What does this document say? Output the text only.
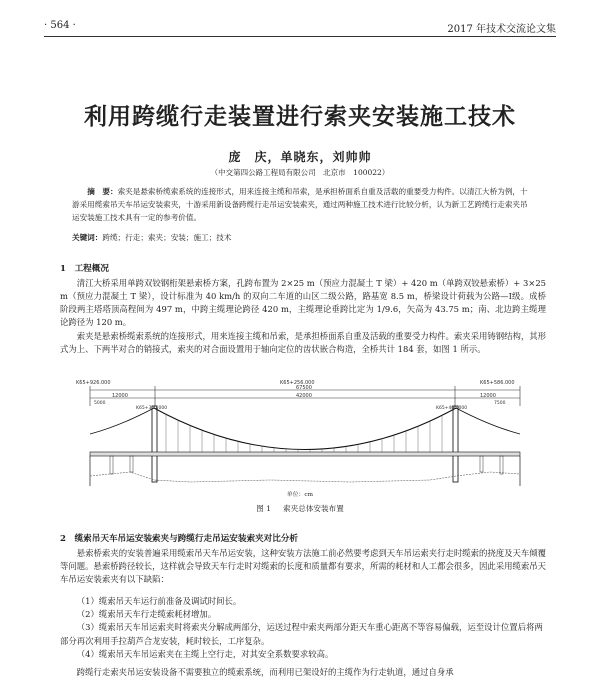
· 564 ·	2017 年技术交流论文集
利用跨缆行走装置进行索夹安装施工技术
庞　庆，单晓东，刘帅帅
（中交第四公路工程局有限公司　北京市　100022）
摘　要：索夹是悬索桥缆索系统的连接形式，用来连接主缆和吊索，是承担桥面系自重及活载的重要受力构件。以清江大桥为例，十游采用缆索吊天车吊运安装索夹，十游采用新设备跨缆行走吊运安装索夹，通过两种施工技术进行比较分析，认为新工艺跨缆行走索夹吊运安装施工技术具有一定的参考价值。
关键词：跨缆；行走；索夹；安装；施工；技术
1　工程概况
清江大桥采用单跨双铰钢桁架悬索桥方案，孔跨布置为 2×25 m（预应力混凝土 T 梁）+ 420 m（单跨双铰悬索桥）+ 3×25 m（预应力混凝土 T 梁），设计标准为 40 km/h 的双向二车道的山区二级公路，路基宽 8.5 m，桥梁设计荷载为公路—Ⅰ级。成桥阶段两主塔塔顶高程间为 497 m，中跨主缆理论跨径 420 m，主缆理论垂跨比定为 1/9.6，矢高为 43.75 m；南、北边跨主缆理论跨径为 120 m。
索夹是悬索桥缆索系统的连接形式，用来连接主缆和吊索，是承担桥面系自重及活载的重要受力构件。索夹采用铸钢结构，其形式为上、下两半对合的销接式，索夹的对合面设置用于轴向定位的齿状嵌合构造，全桥共计 184 套，如图 1 所示。
K65+926.000	K65+586.000
K65+256.000
K65+300.000	K65+466.000
67500
42000
12000	12000
5000	7500
单位：cm
图 1 索夹总体安装布置
2　缆索吊天车吊运安装索夹与跨缆行走吊运安装索夹对比分析
悬索桥索夹的安装普遍采用缆索吊天车吊运安装，这种安装方法施工前必然要考虑到天车吊运索夹行走时缆索的挠度及天车倾覆等问题。悬索桥跨径较长，这样就会导致天车行走时对缆索的长度和质量都有要求，所需的耗材和人工都会很多，因此采用缆索吊天车吊运安装索夹有以下缺陷：
（1）缆索吊天车运行前准备及调试时间长。
（2）缆索吊天车行走缆索耗材增加。
（3）缆索吊天车吊运索夹时将索夹分解成两部分，运送过程中索夹两部分距天车重心距离不等容易偏载，运至设计位置后将两部分再次利用手拉葫芦合龙安装，耗时较长，工序复杂。
（4）缆索吊天车吊运索夹在主缆上空行走，对其安全系数要求较高。
跨缆行走索夹吊运安装设备不需要独立的缆索系统，而利用已架设好的主缆作为行走轨道，通过自身承
